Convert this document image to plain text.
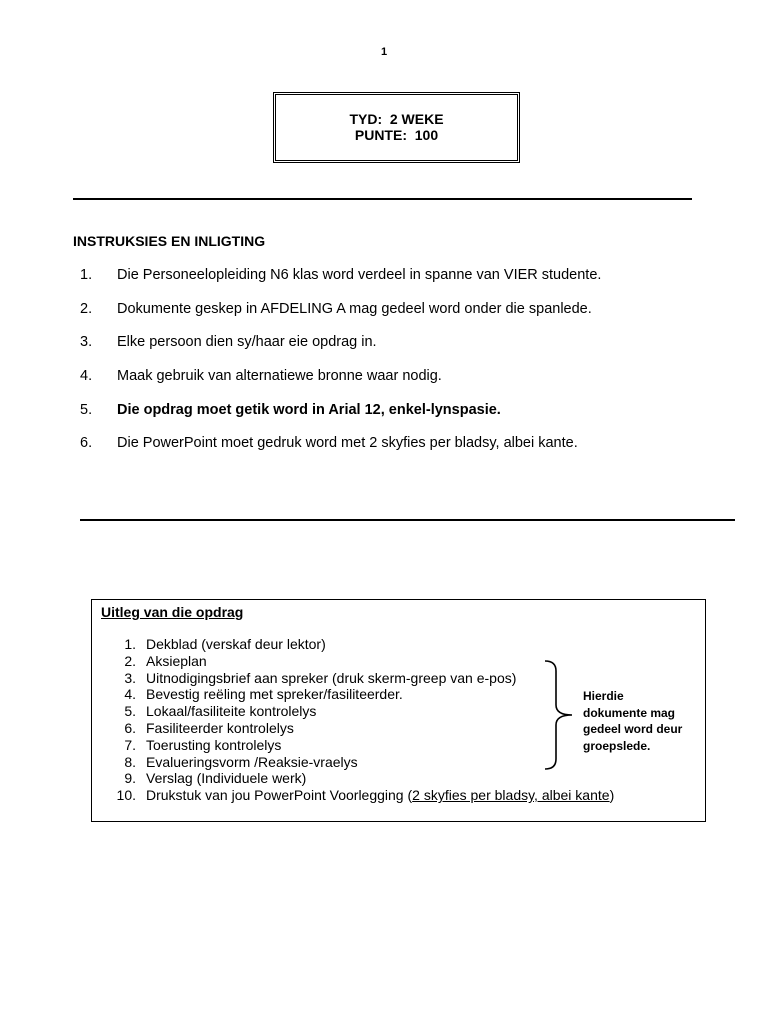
1
TYD:  2 WEKE
PUNTE:  100
INSTRUKSIES EN INLIGTING
1. Die Personeelopleiding N6 klas word verdeel in spanne van VIER studente.
2. Dokumente geskep in AFDELING A mag gedeel word onder die spanlede.
3. Elke persoon dien sy/haar eie opdrag in.
4. Maak gebruik van alternatiewe bronne waar nodig.
5. Die opdrag moet getik word in Arial 12, enkel-lynspasie.
6. Die PowerPoint moet gedruk word met 2 skyfies per bladsy, albei kante.
Uitleg van die opdrag
1. Dekblad (verskaf deur lektor)
2. Aksieplan
3. Uitnodigingsbrief aan spreker (druk skerm-greep van e-pos)
4. Bevestig reëling met spreker/fasiliteerder.
5. Lokaal/fasiliteite kontrolelys
6. Fasiliteerder kontrolelys
7. Toerusting kontrolelys
8. Evalueringsvorm /Reaksie-vraelys
9. Verslag (Individuele werk)
10. Drukstuk van jou PowerPoint Voorlegging (2 skyfies per bladsy, albei kante)
Hierdie
dokumente mag
gedeel word deur
groepslede.
